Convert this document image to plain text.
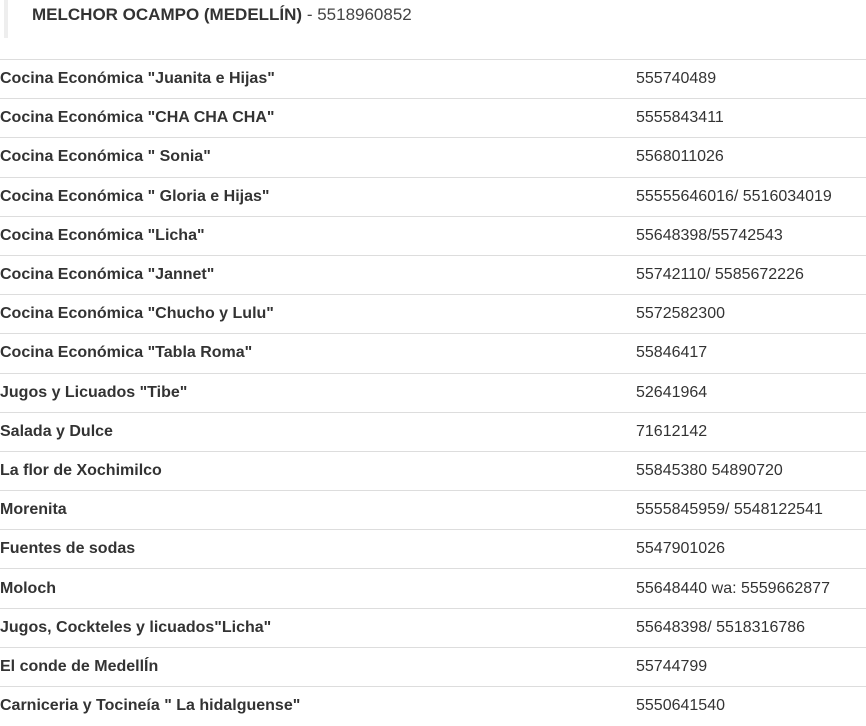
MELCHOR OCAMPO (MEDELLÍN) - 5518960852
Cocina Económica "Juanita e Hijas"	555740489
Cocina Económica "CHA CHA CHA"	5555843411
Cocina Económica " Sonia"	5568011026
Cocina Económica " Gloria e Hijas"	55555646016/ 5516034019
Cocina Económica "Licha"	55648398/55742543
Cocina Económica "Jannet"	55742110/ 5585672226
Cocina Económica "Chucho y Lulu"	5572582300
Cocina Económica "Tabla Roma"	55846417
Jugos y Licuados "Tibe"	52641964
Salada y Dulce	71612142
La flor de Xochimilco	55845380 54890720
Morenita	5555845959/ 5548122541
Fuentes de sodas	5547901026
Moloch	55648440 wa: 5559662877
Jugos, Cockteles y licuados"Licha"	55648398/ 5518316786
El conde de MedellÍn	55744799
Carniceria y Tocineía " La hidalguense"	5550641540
